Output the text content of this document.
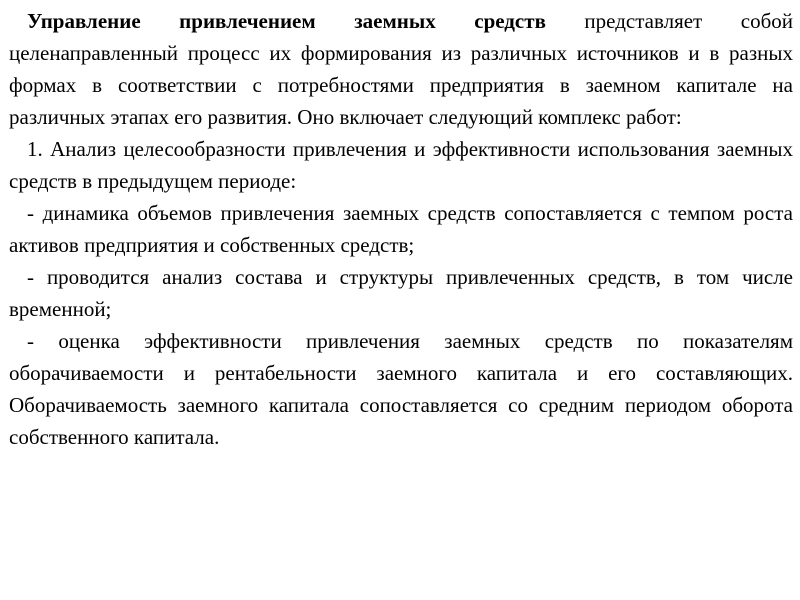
Управление привлечением заемных средств представляет собой целенаправленный процесс их формирования из различных источников и в разных формах в соответствии с потребностями предприятия в заемном капитале на различных этапах его развития. Оно включает следующий комплекс работ:

1. Анализ целесообразности привлечения и эффективности использования заемных средств в предыдущем периоде:

- динамика объемов привлечения заемных средств сопоставляется с темпом роста активов предприятия и собственных средств;

- проводится анализ состава и структуры привлеченных средств, в том числе временной;

- оценка эффективности привлечения заемных средств по показателям оборачиваемости и рентабельности заемного капитала и его составляющих. Оборачиваемость заемного капитала сопоставляется со средним периодом оборота собственного капитала.
